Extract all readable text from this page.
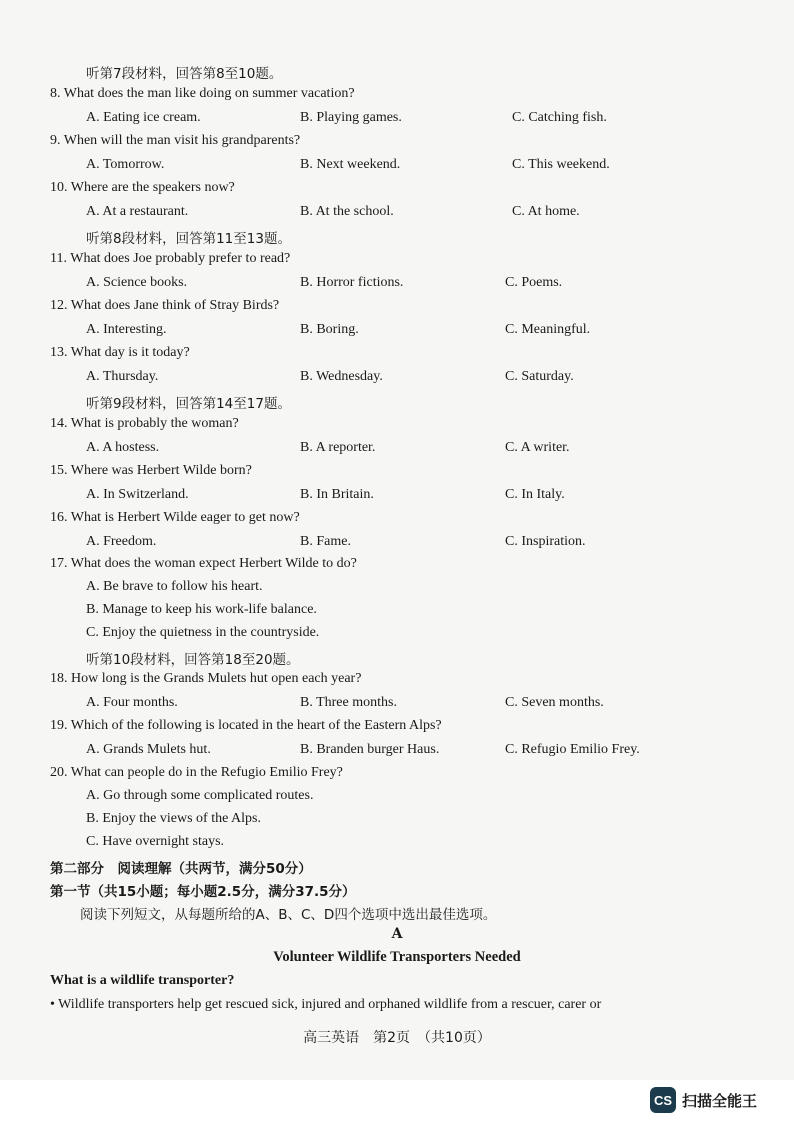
听第7段材料，回答第8至10题。
8. What does the man like doing on summer vacation?
A. Eating ice cream.	B. Playing games.	C. Catching fish.
9. When will the man visit his grandparents?
A. Tomorrow.	B. Next weekend.	C. This weekend.
10. Where are the speakers now?
A. At a restaurant.	B. At the school.	C. At home.
听第8段材料，回答第11至13题。
11. What does Joe probably prefer to read?
A. Science books.	B. Horror fictions.	C. Poems.
12. What does Jane think of Stray Birds?
A. Interesting.	B. Boring.	C. Meaningful.
13. What day is it today?
A. Thursday.	B. Wednesday.	C. Saturday.
听第9段材料，回答第14至17题。
14. What is probably the woman?
A. A hostess.	B. A reporter.	C. A writer.
15. Where was Herbert Wilde born?
A. In Switzerland.	B. In Britain.	C. In Italy.
16. What is Herbert Wilde eager to get now?
A. Freedom.	B. Fame.	C. Inspiration.
17. What does the woman expect Herbert Wilde to do?
A. Be brave to follow his heart.
B. Manage to keep his work-life balance.
C. Enjoy the quietness in the countryside.
听第10段材料，回答第18至20题。
18. How long is the Grands Mulets hut open each year?
A. Four months.	B. Three months.	C. Seven months.
19. Which of the following is located in the heart of the Eastern Alps?
A. Grands Mulets hut.	B. Branden burger Haus.	C. Refugio Emilio Frey.
20. What can people do in the Refugio Emilio Frey?
A. Go through some complicated routes.
B. Enjoy the views of the Alps.
C. Have overnight stays.
第二部分　阅读理解（共两节，满分50分）
第一节（共15小题；每小题2.5分，满分37.5分）
阅读下列短文，从每题所给的A、B、C、D四个选项中选出最佳选项。
A
Volunteer Wildlife Transporters Needed
What is a wildlife transporter?
• Wildlife transporters help get rescued sick, injured and orphaned wildlife from a rescuer, carer or
高三英语　第2页　（共10页）
CS 扫描全能王
